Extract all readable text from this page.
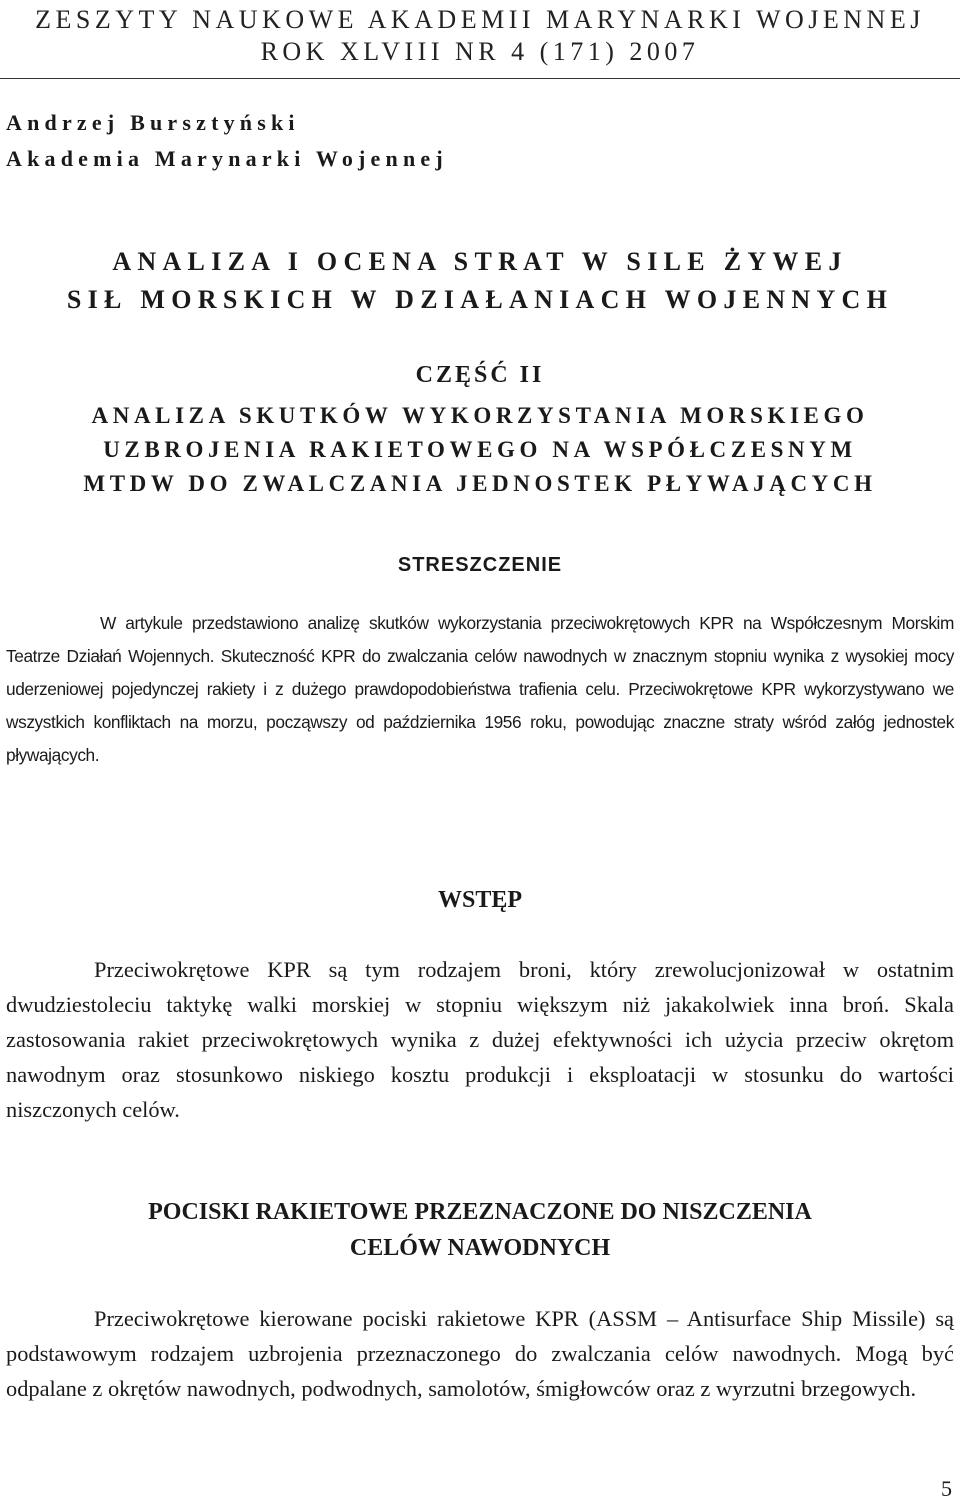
ZESZYTY NAUKOWE AKADEMII MARYNARKI WOJENNEJ

ROK XLVIII NR 4 (171) 2007

Andrzej Bursztyński
Akademia Marynarki Wojennej
ANALIZA I OCENA STRAT W SILE ŻYWEJ
SIŁ MORSKICH W DZIAŁANIACH WOJENNYCH
CZĘŚĆ II
ANALIZA SKUTKÓW WYKORZYSTANIA MORSKIEGO
UZBROJENIA RAKIETOWEGO NA WSPÓŁCZESNYM
MTDW DO ZWALCZANIA JEDNOSTEK PŁYWAJĄCYCH
STRESZCZENIE
W artykule przedstawiono analizę skutków wykorzystania przeciwokrętowych KPR na Współczesnym Morskim Teatrze Działań Wojennych. Skuteczność KPR do zwalczania celów nawodnych w znacznym stopniu wynika z wysokiej mocy uderzeniowej pojedynczej rakiety i z dużego prawdopodobieństwa trafienia celu. Przeciwokrętowe KPR wykorzystywano we wszystkich konfliktach na morzu, począwszy od października 1956 roku, powodując znaczne straty wśród załóg jednostek pływających.
WSTĘP
Przeciwokrętowe KPR są tym rodzajem broni, który zrewolucjonizował w ostatnim dwudziestoleciu taktykę walki morskiej w stopniu większym niż jakakolwiek inna broń. Skala zastosowania rakiet przeciwokrętowych wynika z dużej efektywności ich użycia przeciw okrętom nawodnym oraz stosunkowo niskiego kosztu produkcji i eksploatacji w stosunku do wartości niszczonych celów.
POCISKI RAKIETOWE PRZEZNACZONE DO NISZCZENIA
CELÓW NAWODNYCH
Przeciwokrętowe kierowane pociski rakietowe KPR (ASSM – Antisurface Ship Missile) są podstawowym rodzajem uzbrojenia przeznaczonego do zwalczania celów nawodnych. Mogą być odpalane z okrętów nawodnych, podwodnych, samolotów, śmigłowców oraz z wyrzutni brzegowych.
5
